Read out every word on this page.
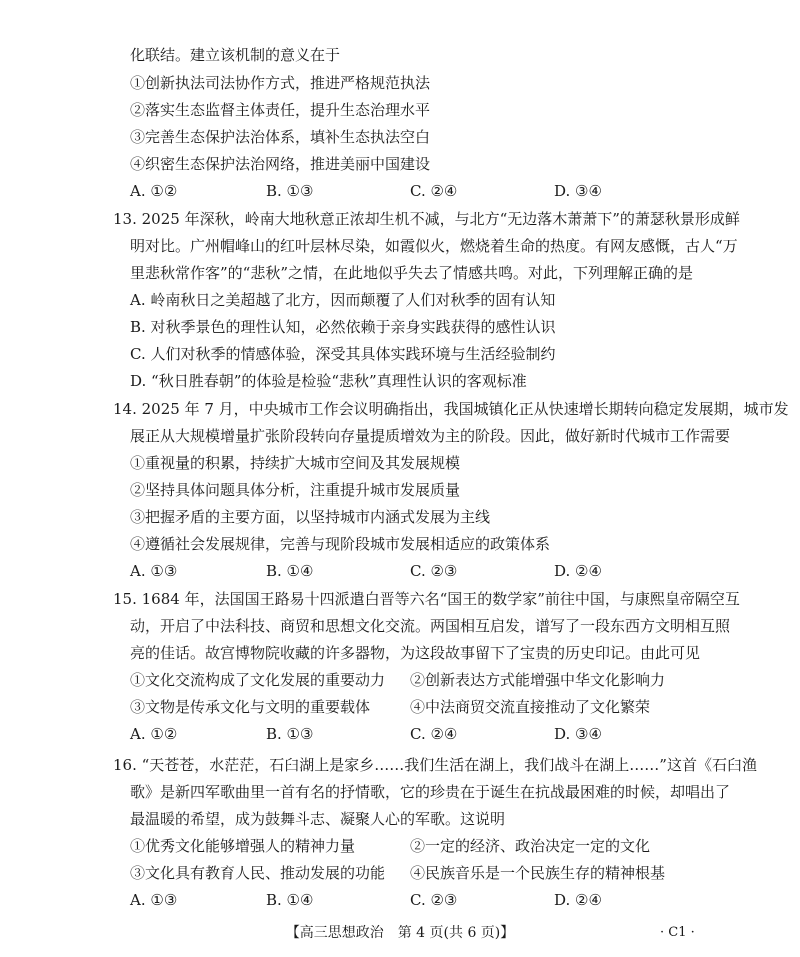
化联结。建立该机制的意义在于
①创新执法司法协作方式，推进严格规范执法
②落实生态监督主体责任，提升生态治理水平
③完善生态保护法治体系，填补生态执法空白
④织密生态保护法治网络，推进美丽中国建设
A. ①②	B. ①③	C. ②④	D. ③④
13. 2025 年深秋，岭南大地秋意正浓却生机不减，与北方“无边落木萧萧下”的萧瑟秋景形成鲜
明对比。广州帽峰山的红叶层林尽染，如霞似火，燃烧着生命的热度。有网友感慨，古人“万
里悲秋常作客”的“悲秋”之情，在此地似乎失去了情感共鸣。对此，下列理解正确的是
A. 岭南秋日之美超越了北方，因而颠覆了人们对秋季的固有认知
B. 对秋季景色的理性认知，必然依赖于亲身实践获得的感性认识
C. 人们对秋季的情感体验，深受其具体实践环境与生活经验制约
D. “秋日胜春朝”的体验是检验“悲秋”真理性认识的客观标准
14. 2025 年 7 月，中央城市工作会议明确指出，我国城镇化正从快速增长期转向稳定发展期，城市发
展正从大规模增量扩张阶段转向存量提质增效为主的阶段。因此，做好新时代城市工作需要
①重视量的积累，持续扩大城市空间及其发展规模
②坚持具体问题具体分析，注重提升城市发展质量
③把握矛盾的主要方面，以坚持城市内涵式发展为主线
④遵循社会发展规律，完善与现阶段城市发展相适应的政策体系
A. ①③	B. ①④	C. ②③	D. ②④
15. 1684 年，法国国王路易十四派遣白晋等六名“国王的数学家”前往中国，与康熙皇帝隔空互
动，开启了中法科技、商贸和思想文化交流。两国相互启发，谱写了一段东西方文明相互照
亮的佳话。故宫博物院收藏的许多器物，为这段故事留下了宝贵的历史印记。由此可见
①文化交流构成了文化发展的重要动力 ②创新表达方式能增强中华文化影响力
③文物是传承文化与文明的重要载体	④中法商贸交流直接推动了文化繁荣
A. ①②	B. ①③	C. ②④	D. ③④
16. “天苍苍，水茫茫，石臼湖上是家乡……我们生活在湖上，我们战斗在湖上……”这首《石臼渔
歌》是新四军歌曲里一首有名的抒情歌，它的珍贵在于诞生在抗战最困难的时候，却唱出了
最温暖的希望，成为鼓舞斗志、凝聚人心的军歌。这说明
①优秀文化能够增强人的精神力量	②一定的经济、政治决定一定的文化
③文化具有教育人民、推动发展的功能 ④民族音乐是一个民族生存的精神根基
A. ①③	B. ①④	C. ②③	D. ②④
【高三思想政治　第 4 页(共 6 页)】	· C1 ·
